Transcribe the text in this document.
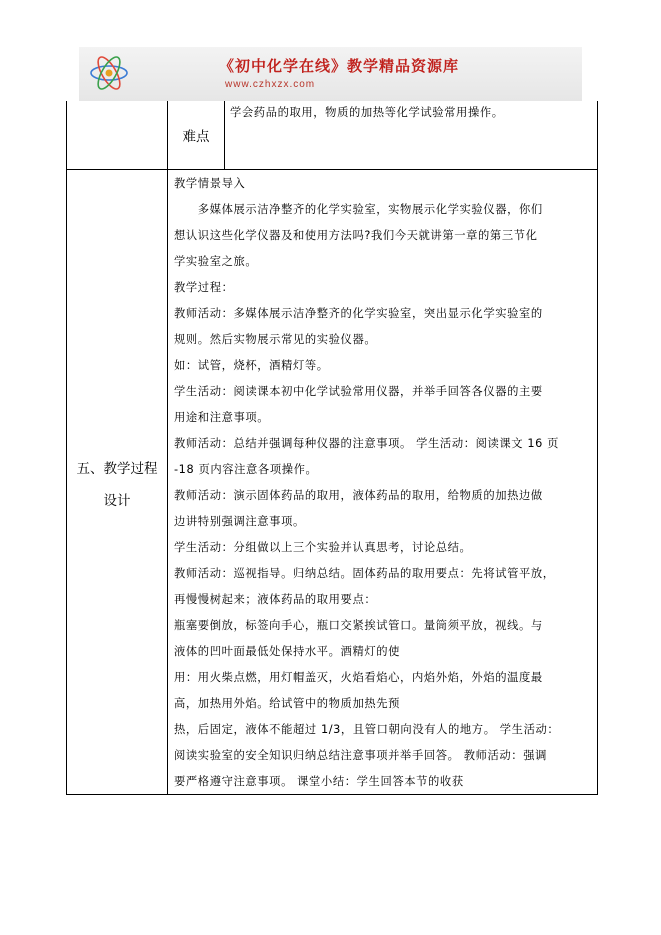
《初中化学在线》教学精品资源库
www.czhxzx.com
难点
学会药品的取用，物质的加热等化学试验常用操作。
五、教学过程
设计

教学情景导入

　　多媒体展示洁净整齐的化学实验室，实物展示化学实验仪器，你们

想认识这些化学仪器及和使用方法吗?我们今天就讲第一章的第三节化

学实验室之旅。

教学过程：

教师活动：多媒体展示洁净整齐的化学实验室，突出显示化学实验室的

规则。然后实物展示常见的实验仪器。

如：试管，烧杯，酒精灯等。

学生活动：阅读课本初中化学试验常用仪器，并举手回答各仪器的主要

用途和注意事项。

教师活动：总结并强调每种仪器的注意事项。 学生活动：阅读课文 16 页

-18 页内容注意各项操作。

教师活动：演示固体药品的取用，液体药品的取用，给物质的加热边做

边讲特别强调注意事项。

学生活动：分组做以上三个实验并认真思考，讨论总结。

教师活动：巡视指导。归纳总结。固体药品的取用要点：先将试管平放，

再慢慢树起来；液体药品的取用要点：

瓶塞要倒放，标签向手心，瓶口交紧挨试管口。量筒须平放，视线。与

液体的凹叶面最低处保持水平。酒精灯的使

用：用火柴点燃，用灯帽盖灭，火焰看焰心，内焰外焰，外焰的温度最

高，加热用外焰。给试管中的物质加热先预

热，后固定，液体不能超过 1/3，且管口朝向没有人的地方。 学生活动：

阅读实验室的安全知识归纳总结注意事项并举手回答。 教师活动：强调

要严格遵守注意事项。 课堂小结：学生回答本节的收获
